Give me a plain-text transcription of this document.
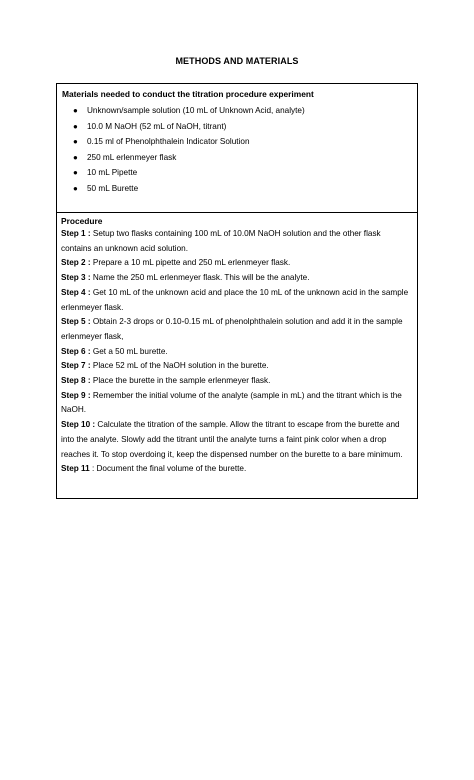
METHODS AND MATERIALS

Materials needed to conduct the titration procedure experiment

● Unknown/sample solution (10 mL of Unknown Acid, analyte)
● 10.0 M NaOH (52 mL of NaOH, titrant)
● 0.15 ml of Phenolphthalein Indicator Solution
● 250 mL erlenmeyer flask
● 10 mL Pipette
● 50 mL Burette

Procedure

Step 1 : Setup two flasks containing 100 mL of 10.0M NaOH solution and the other flask contains an unknown acid solution.

Step 2 : Prepare a 10 mL pipette and 250 mL erlenmeyer flask.

Step 3 : Name the 250 mL erlenmeyer flask. This will be the analyte.

Step 4 : Get 10 mL of the unknown acid and place the 10 mL of the unknown acid in the sample erlenmeyer flask.

Step 5 : Obtain 2-3 drops or 0.10-0.15 mL of phenolphthalein solution and add it in the sample erlenmeyer flask,

Step 6 : Get a 50 mL burette.

Step 7 : Place 52 mL of the NaOH solution in the burette.

Step 8 : Place the burette in the sample erlenmeyer flask.

Step 9 : Remember the initial volume of the analyte (sample in mL) and the titrant which is the NaOH.

Step 10 : Calculate the titration of the sample. Allow the titrant to escape from the burette and into the analyte. Slowly add the titrant until the analyte turns a faint pink color when a drop reaches it. To stop overdoing it, keep the dispensed number on the burette to a bare minimum.

Step 11 : Document the final volume of the burette.
